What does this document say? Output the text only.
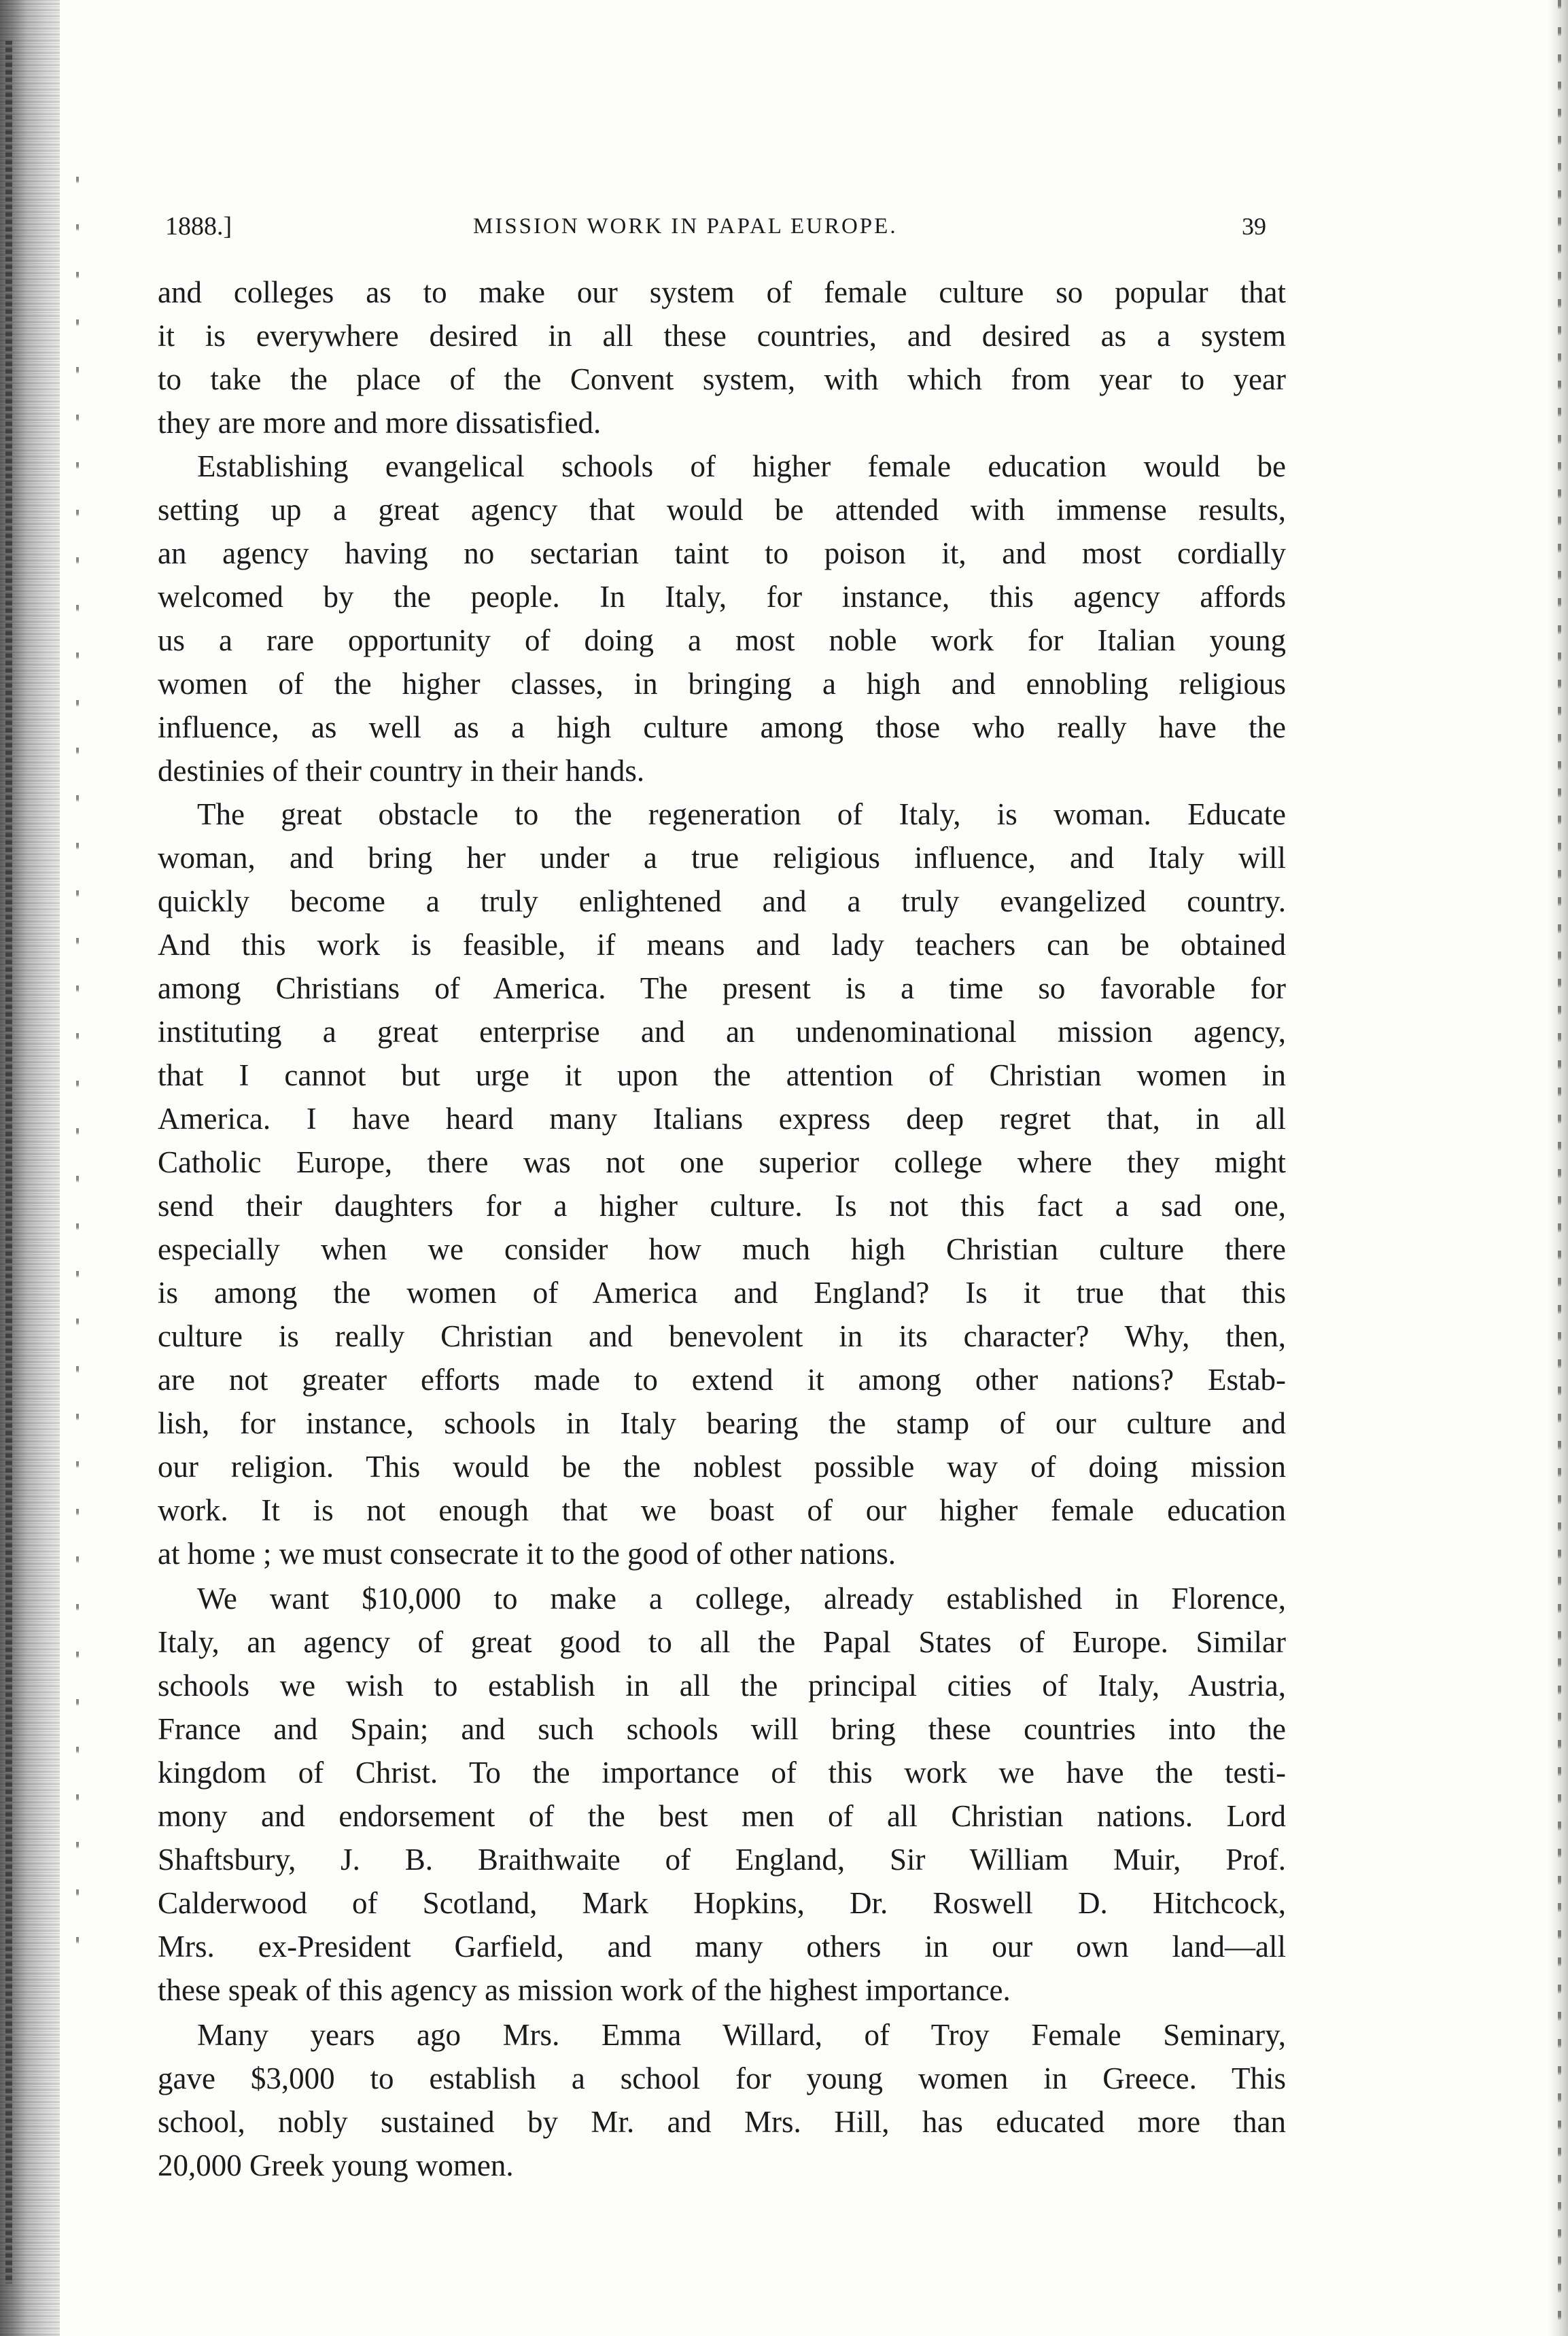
1888.]	MISSION WORK IN PAPAL EUROPE.	39
and colleges as to make our system of female culture so popular that
it is everywhere desired in all these countries, and desired as a system
to take the place of the Convent system, with which from year to year
they are more and more dissatisfied.
Establishing evangelical schools of higher female education would be
setting up a great agency that would be attended with immense results,
an agency having no sectarian taint to poison it, and most cordially
welcomed by the people. In Italy, for instance, this agency affords
us a rare opportunity of doing a most noble work for Italian young
women of the higher classes, in bringing a high and ennobling religious
influence, as well as a high culture among those who really have the
destinies of their country in their hands.
The great obstacle to the regeneration of Italy, is woman. Educate
woman, and bring her under a true religious influence, and Italy will
quickly become a truly enlightened and a truly evangelized country.
And this work is feasible, if means and lady teachers can be obtained
among Christians of America. The present is a time so favorable for
instituting a great enterprise and an undenominational mission agency,
that I cannot but urge it upon the attention of Christian women in
America. I have heard many Italians express deep regret that, in all
Catholic Europe, there was not one superior college where they might
send their daughters for a higher culture. Is not this fact a sad one,
especially when we consider how much high Christian culture there
is among the women of America and England? Is it true that this
culture is really Christian and benevolent in its character? Why, then,
are not greater efforts made to extend it among other nations? Estab-
lish, for instance, schools in Italy bearing the stamp of our culture and
our religion. This would be the noblest possible way of doing mission
work. It is not enough that we boast of our higher female education
at home ; we must consecrate it to the good of other nations.
We want $10,000 to make a college, already established in Florence,
Italy, an agency of great good to all the Papal States of Europe. Similar
schools we wish to establish in all the principal cities of Italy, Austria,
France and Spain; and such schools will bring these countries into the
kingdom of Christ. To the importance of this work we have the testi-
mony and endorsement of the best men of all Christian nations. Lord
Shaftsbury, J. B. Braithwaite of England, Sir William Muir, Prof.
Calderwood of Scotland, Mark Hopkins, Dr. Roswell D. Hitchcock,
Mrs. ex-President Garfield, and many others in our own land—all
these speak of this agency as mission work of the highest importance.
Many years ago Mrs. Emma Willard, of Troy Female Seminary,
gave $3,000 to establish a school for young women in Greece. This
school, nobly sustained by Mr. and Mrs. Hill, has educated more than
20,000 Greek young women.
